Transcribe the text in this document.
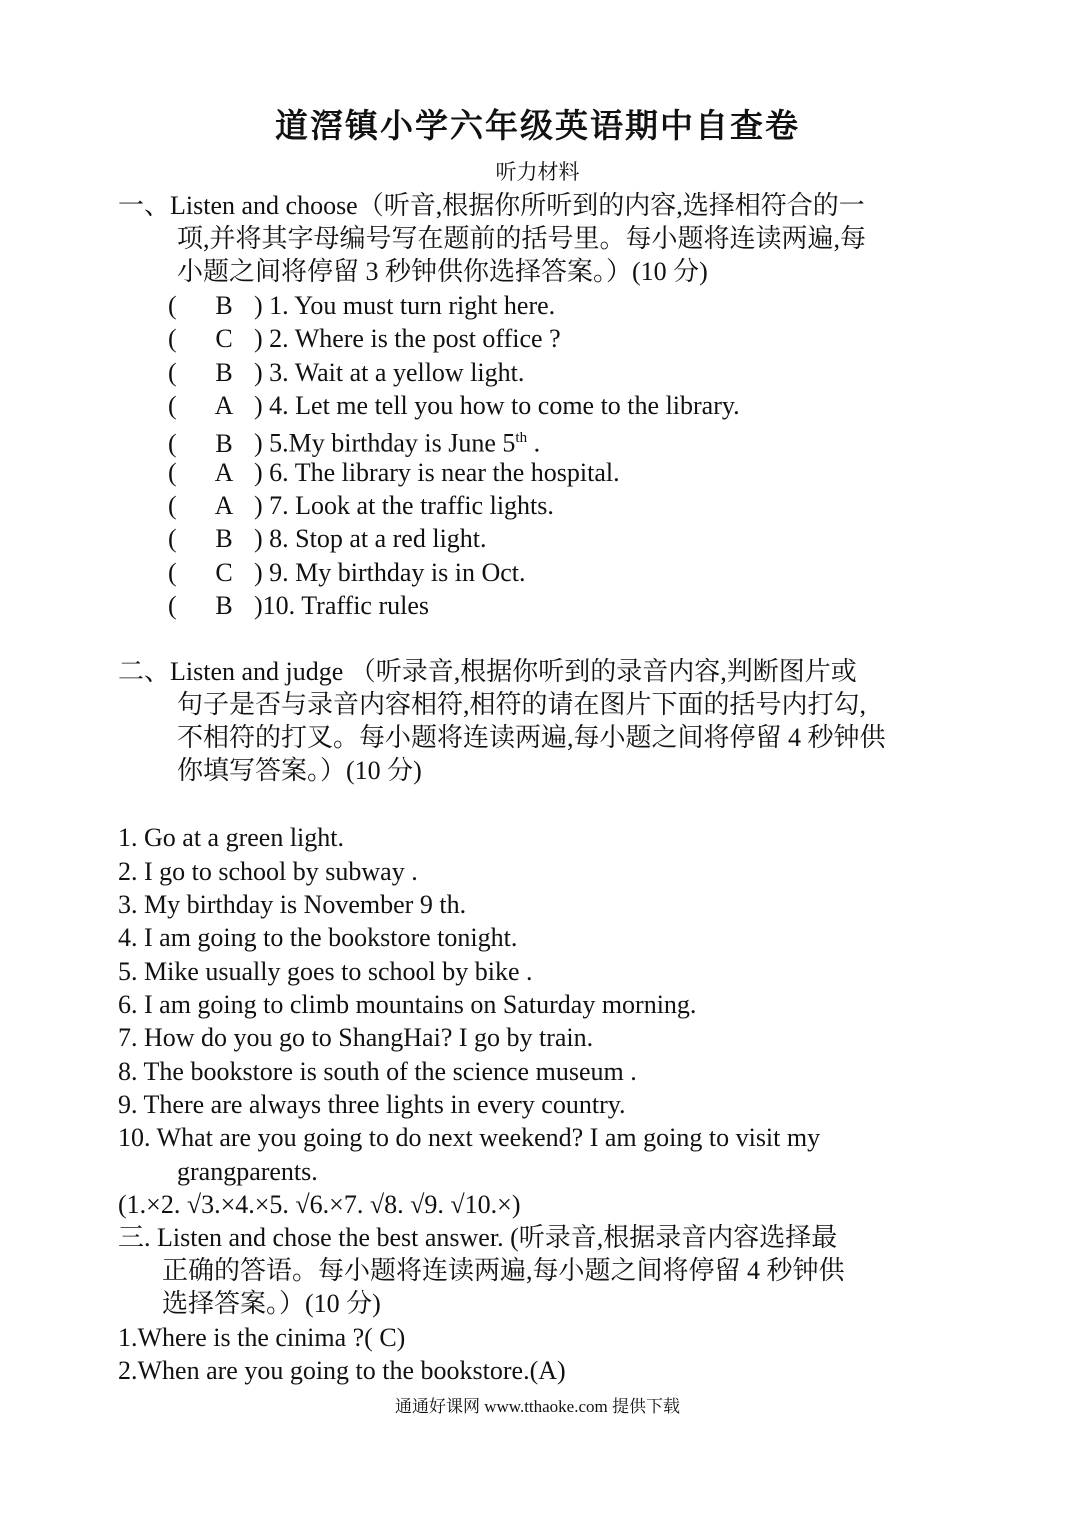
道滘镇小学六年级英语期中自查卷
听力材料
一、Listen and choose（听音,根据你所听到的内容,选择相符合的一
项,并将其字母编号写在题前的括号里。每小题将连读两遍,每
小题之间将停留 3 秒钟供你选择答案。）(10 分)
( B ) 1. You must turn right here.
( C ) 2. Where is the post office ?
( B ) 3. Wait at a yellow light.
( A ) 4. Let me tell you how to come to the library.
( B ) 5.My birthday is June 5th .
( A ) 6. The library is near the hospital.
( A ) 7. Look at the traffic lights.
( B ) 8. Stop at a red light.
( C ) 9. My birthday is in Oct.
( B )10. Traffic rules
二、Listen and judge （听录音,根据你听到的录音内容,判断图片或
句子是否与录音内容相符,相符的请在图片下面的括号内打勾,
不相符的打叉。每小题将连读两遍,每小题之间将停留 4 秒钟供
你填写答案。）(10 分)
1. Go at a green light.
2. I go to school by subway .
3. My birthday is November 9 th.
4. I am going to the bookstore tonight.
5. Mike usually goes to school by bike .
6. I am going to climb mountains on Saturday morning.
7. How do you go to ShangHai? I go by train.
8. The bookstore is south of the science museum .
9. There are always three lights in every country.
10. What are you going to do next weekend? I am going to visit my
grangparents.
(1.×2. √3.×4.×5. √6.×7. √8. √9. √10.×)
三. Listen and chose the best answer. (听录音,根据录音内容选择最
正确的答语。每小题将连读两遍,每小题之间将停留 4 秒钟供
选择答案。）(10 分)
1.Where is the cinima ?( C)
2.When are you going to the bookstore.(A)
通通好课网 www.tthaoke.com 提供下载
